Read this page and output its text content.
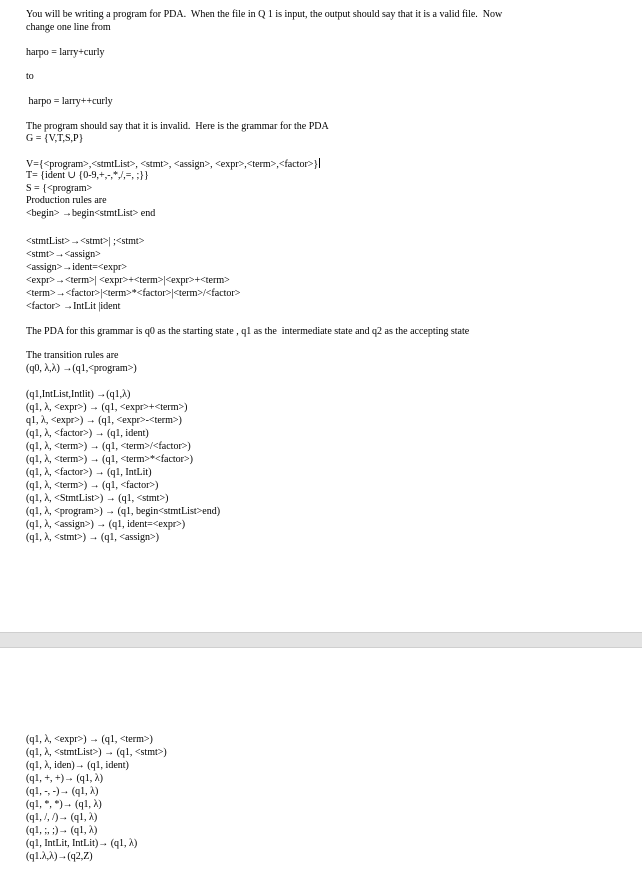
You will be writing a program for PDA.  When the file in Q 1 is input, the output should say that it is a valid file.  Now
change one line from
harpo = larry+curly
to
harpo = larry++curly
The program should say that it is invalid.  Here is the grammar for the PDA
G = {V,T,S,P}
V={<program>,<stmtList>, <stmt>, <assign>, <expr>,<term>,<factor>}
T= {ident ∪ {0-9,+,-,*,/,=, ;}}
S = {<program>
Production rules are
<begin> →begin<stmtList> end
<stmtList>→<stmt>| ;<stmt>
<stmt>→<assign>
<assign>→ident=<expr>
<expr>→<term>| <expr>+<term>|<expr>+<term>
<term>→<factor>|<term>*<factor>|<term>/<factor>
<factor> →IntLit |ident
The PDA for this grammar is q0 as the starting state , q1 as the  intermediate state and q2 as the accepting state
The transition rules are
(q0, λ,λ) →(q1,<program>)
(q1,IntList,Intlit) →(q1,λ)
(q1, λ, <expr>) → (q1, <expr>+<term>)
q1, λ, <expr>) → (q1, <expr>-<term>)
(q1, λ, <factor>) → (q1, ident)
(q1, λ, <term>) → (q1, <term>/<factor>)
(q1, λ, <term>) → (q1, <term>*<factor>)
(q1, λ, <factor>) → (q1, IntLit)
(q1, λ, <term>) → (q1, <factor>)
(q1, λ, <StmtList>) → (q1, <stmt>)
(q1, λ, <program>) → (q1, begin<stmtList>end)
(q1, λ, <assign>) → (q1, ident=<expr>)
(q1, λ, <stmt>) → (q1, <assign>)
(q1, λ, <expr>) → (q1, <term>)
(q1, λ, <stmtList>) → (q1, <stmt>)
(q1, λ, iden)→ (q1, ident)
(q1, +, +)→ (q1, λ)
(q1, -, -)→ (q1, λ)
(q1, *, *)→ (q1, λ)
(q1, /, /)→ (q1, λ)
(q1, ;, ;)→ (q1, λ)
(q1, IntLit, IntLit)→ (q1, λ)
(q1.λ,λ)→(q2,Z)
